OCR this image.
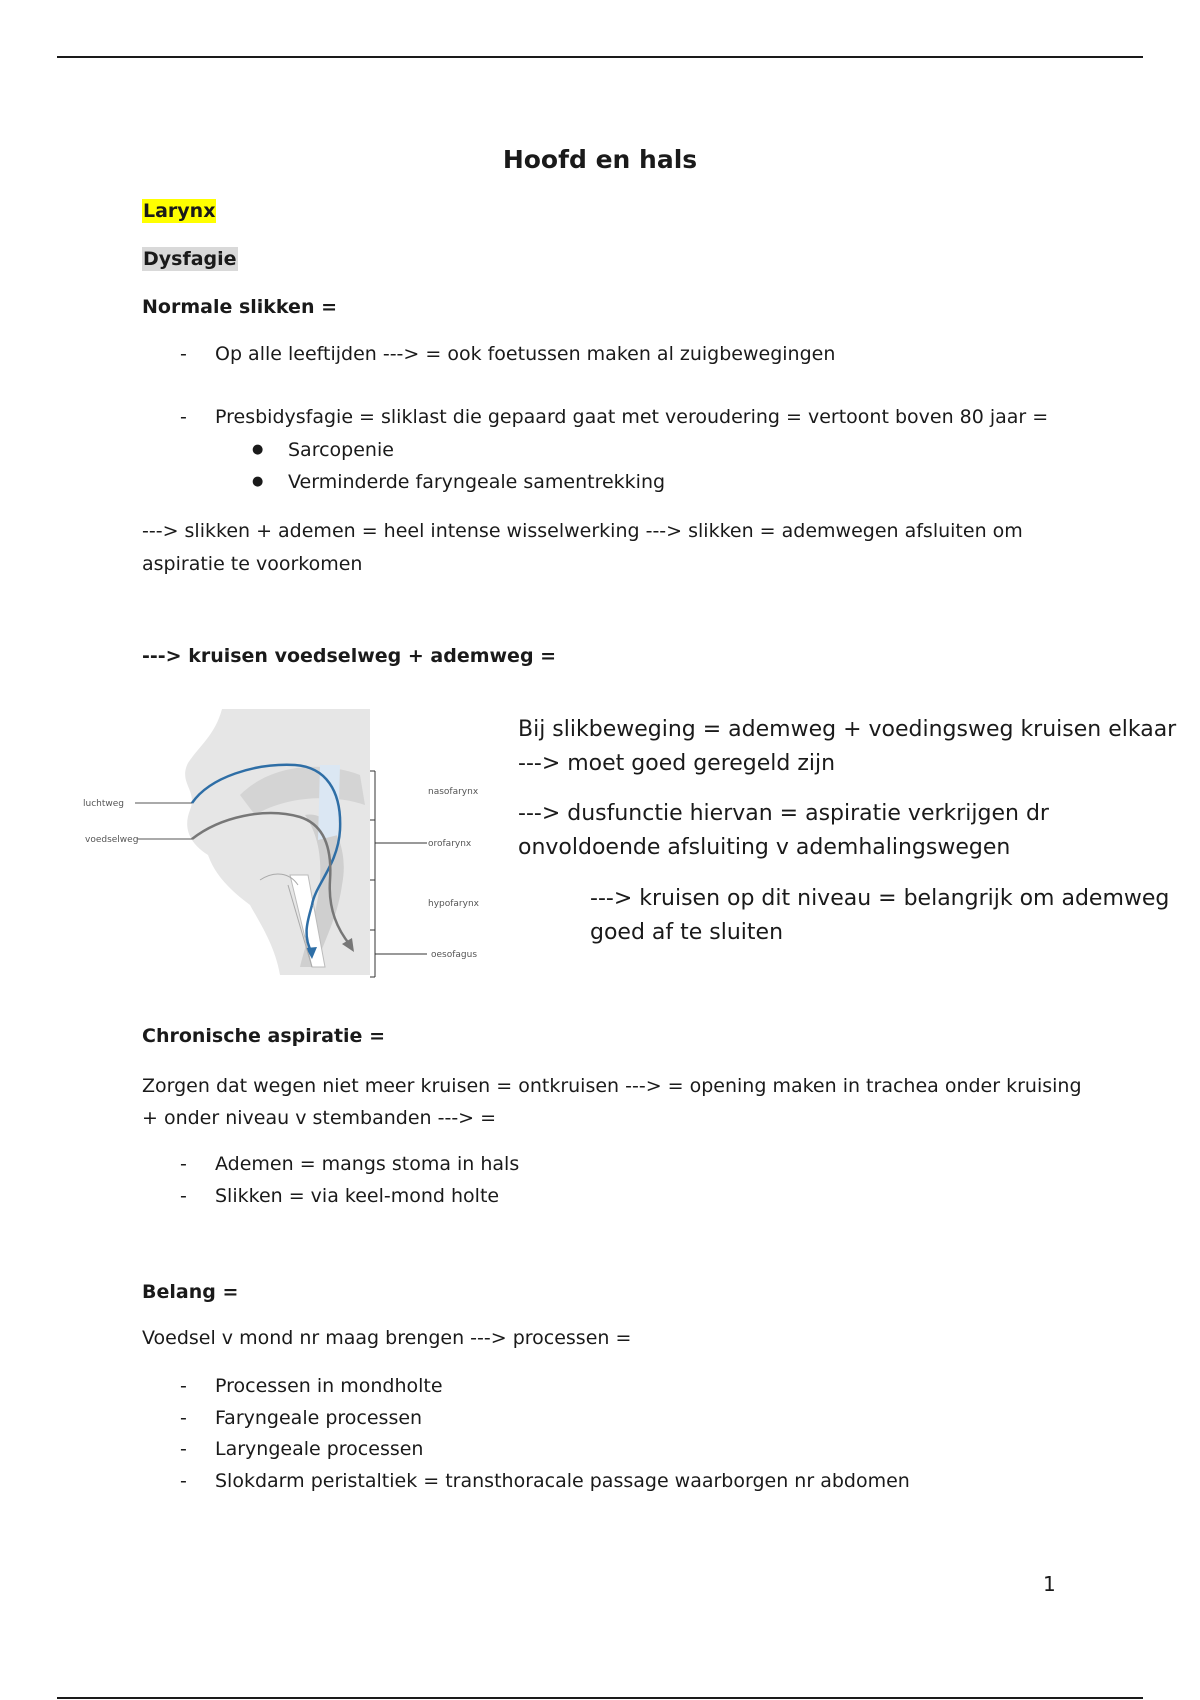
Hoofd en hals
Larynx
Dysfagie
Normale slikken =
- Op alle leeftijden ---> = ook foetussen maken al zuigbewegingen
- Presbidysfagie = sliklast die gepaard gaat met veroudering = vertoont boven 80 jaar =
● Sarcopenie
● Verminderde faryngeale samentrekking
---> slikken + ademen = heel intense wisselwerking ---> slikken = ademwegen afsluiten om
aspiratie te voorkomen
---> kruisen voedselweg + ademweg =
luchtweg
voedselweg
nasofarynx
orofarynx
hypofarynx
oesofagus
Bij slikbeweging = ademweg + voedingsweg kruisen elkaar
---> moet goed geregeld zijn
---> dusfunctie hiervan = aspiratie verkrijgen dr
onvoldoende afsluiting v ademhalingswegen
---> kruisen op dit niveau = belangrijk om ademweg
goed af te sluiten
Chronische aspiratie =
Zorgen dat wegen niet meer kruisen = ontkruisen ---> = opening maken in trachea onder kruising
+ onder niveau v stembanden ---> =
- Ademen = mangs stoma in hals
- Slikken = via keel-mond holte
Belang =
Voedsel v mond nr maag brengen ---> processen =
- Processen in mondholte
- Faryngeale processen
- Laryngeale processen
- Slokdarm peristaltiek = transthoracale passage waarborgen nr abdomen
1
